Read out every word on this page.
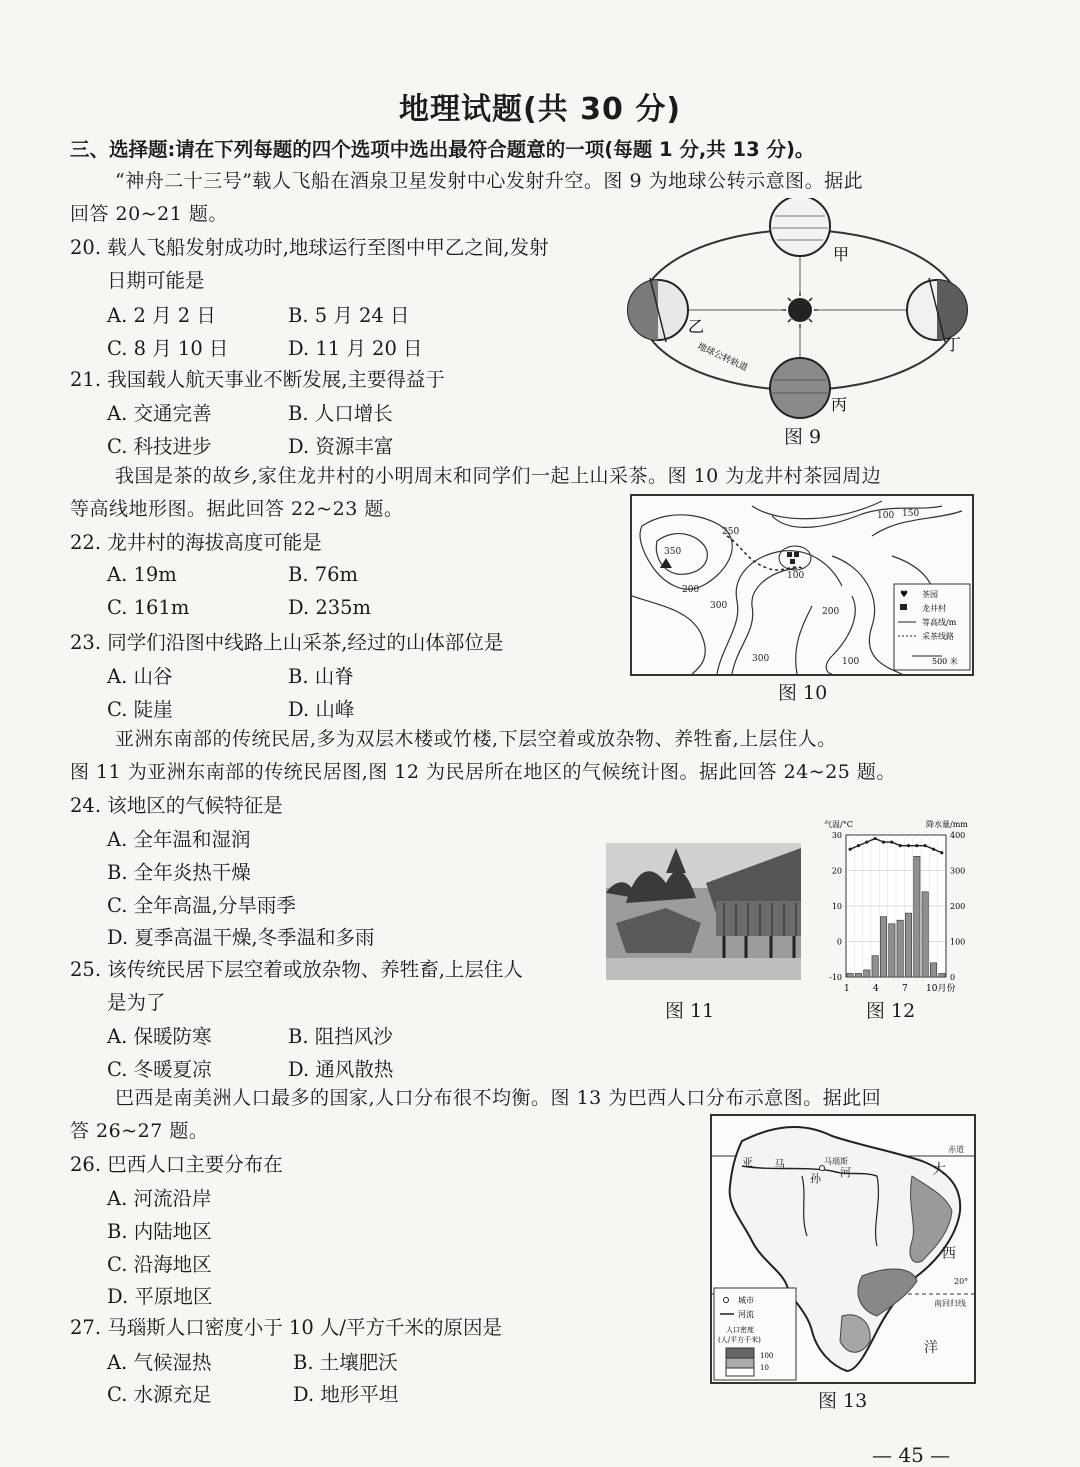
地理试题(共 30 分)
三、选择题:请在下列每题的四个选项中选出最符合题意的一项(每题 1 分,共 13 分)。
“神舟二十三号”载人飞船在酒泉卫星发射中心发射升空。图 9 为地球公转示意图。据此
回答 20~21 题。
20. 载人飞船发射成功时,地球运行至图中甲乙之间,发射
日期可能是
A. 2 月 2 日	B. 5 月 24 日
C. 8 月 10 日	D. 11 月 20 日
21. 我国载人航天事业不断发展,主要得益于
A. 交通完善	B. 人口增长
C. 科技进步	D. 资源丰富
甲
乙
丙
丁
地球公转轨道
图 9
我国是茶的故乡,家住龙井村的小明周末和同学们一起上山采茶。图 10 为龙井村茶园周边
等高线地形图。据此回答 22~23 题。
22. 龙井村的海拔高度可能是
A. 19m	B. 76m
C. 161m	D. 235m
23. 同学们沿图中线路上山采茶,经过的山体部位是
A. 山谷	B. 山脊
C. 陡崖	D. 山峰
350
250
200
150
100
300
100
200
300	100
♥ 茶园
龙井村
等高线/m
采茶线路
500 米
图 10
亚洲东南部的传统民居,多为双层木楼或竹楼,下层空着或放杂物、养牲畜,上层住人。
图 11 为亚洲东南部的传统民居图,图 12 为民居所在地区的气候统计图。据此回答 24~25 题。
24. 该地区的气候特征是
A. 全年温和湿润
B. 全年炎热干燥
C. 全年高温,分旱雨季
D. 夏季高温干燥,冬季温和多雨
25. 该传统民居下层空着或放杂物、养牲畜,上层住人
是为了
A. 保暖防寒	B. 阻挡风沙
C. 冬暖夏凉	D. 通风散热
图 11
气温/°C	降水量/mm
30
20
10
0
-10
400
300
200
100
0
1	4	7 10月份
图 12
巴西是南美洲人口最多的国家,人口分布很不均衡。图 13 为巴西人口分布示意图。据此回
答 26~27 题。
26. 巴西人口主要分布在
A. 河流沿岸
B. 内陆地区
C. 沿海地区
D. 平原地区
27. 马瑙斯人口密度小于 10 人/平方千米的原因是
A. 气候湿热	B. 土壤肥沃
C. 水源充足	D. 地形平坦
亚 马	马瑙斯
孙 河	大
西
洋
赤道
20°
南回归线
城市
河流
人口密度
(人/平方千米)
100
10
图 13
— 45 —
